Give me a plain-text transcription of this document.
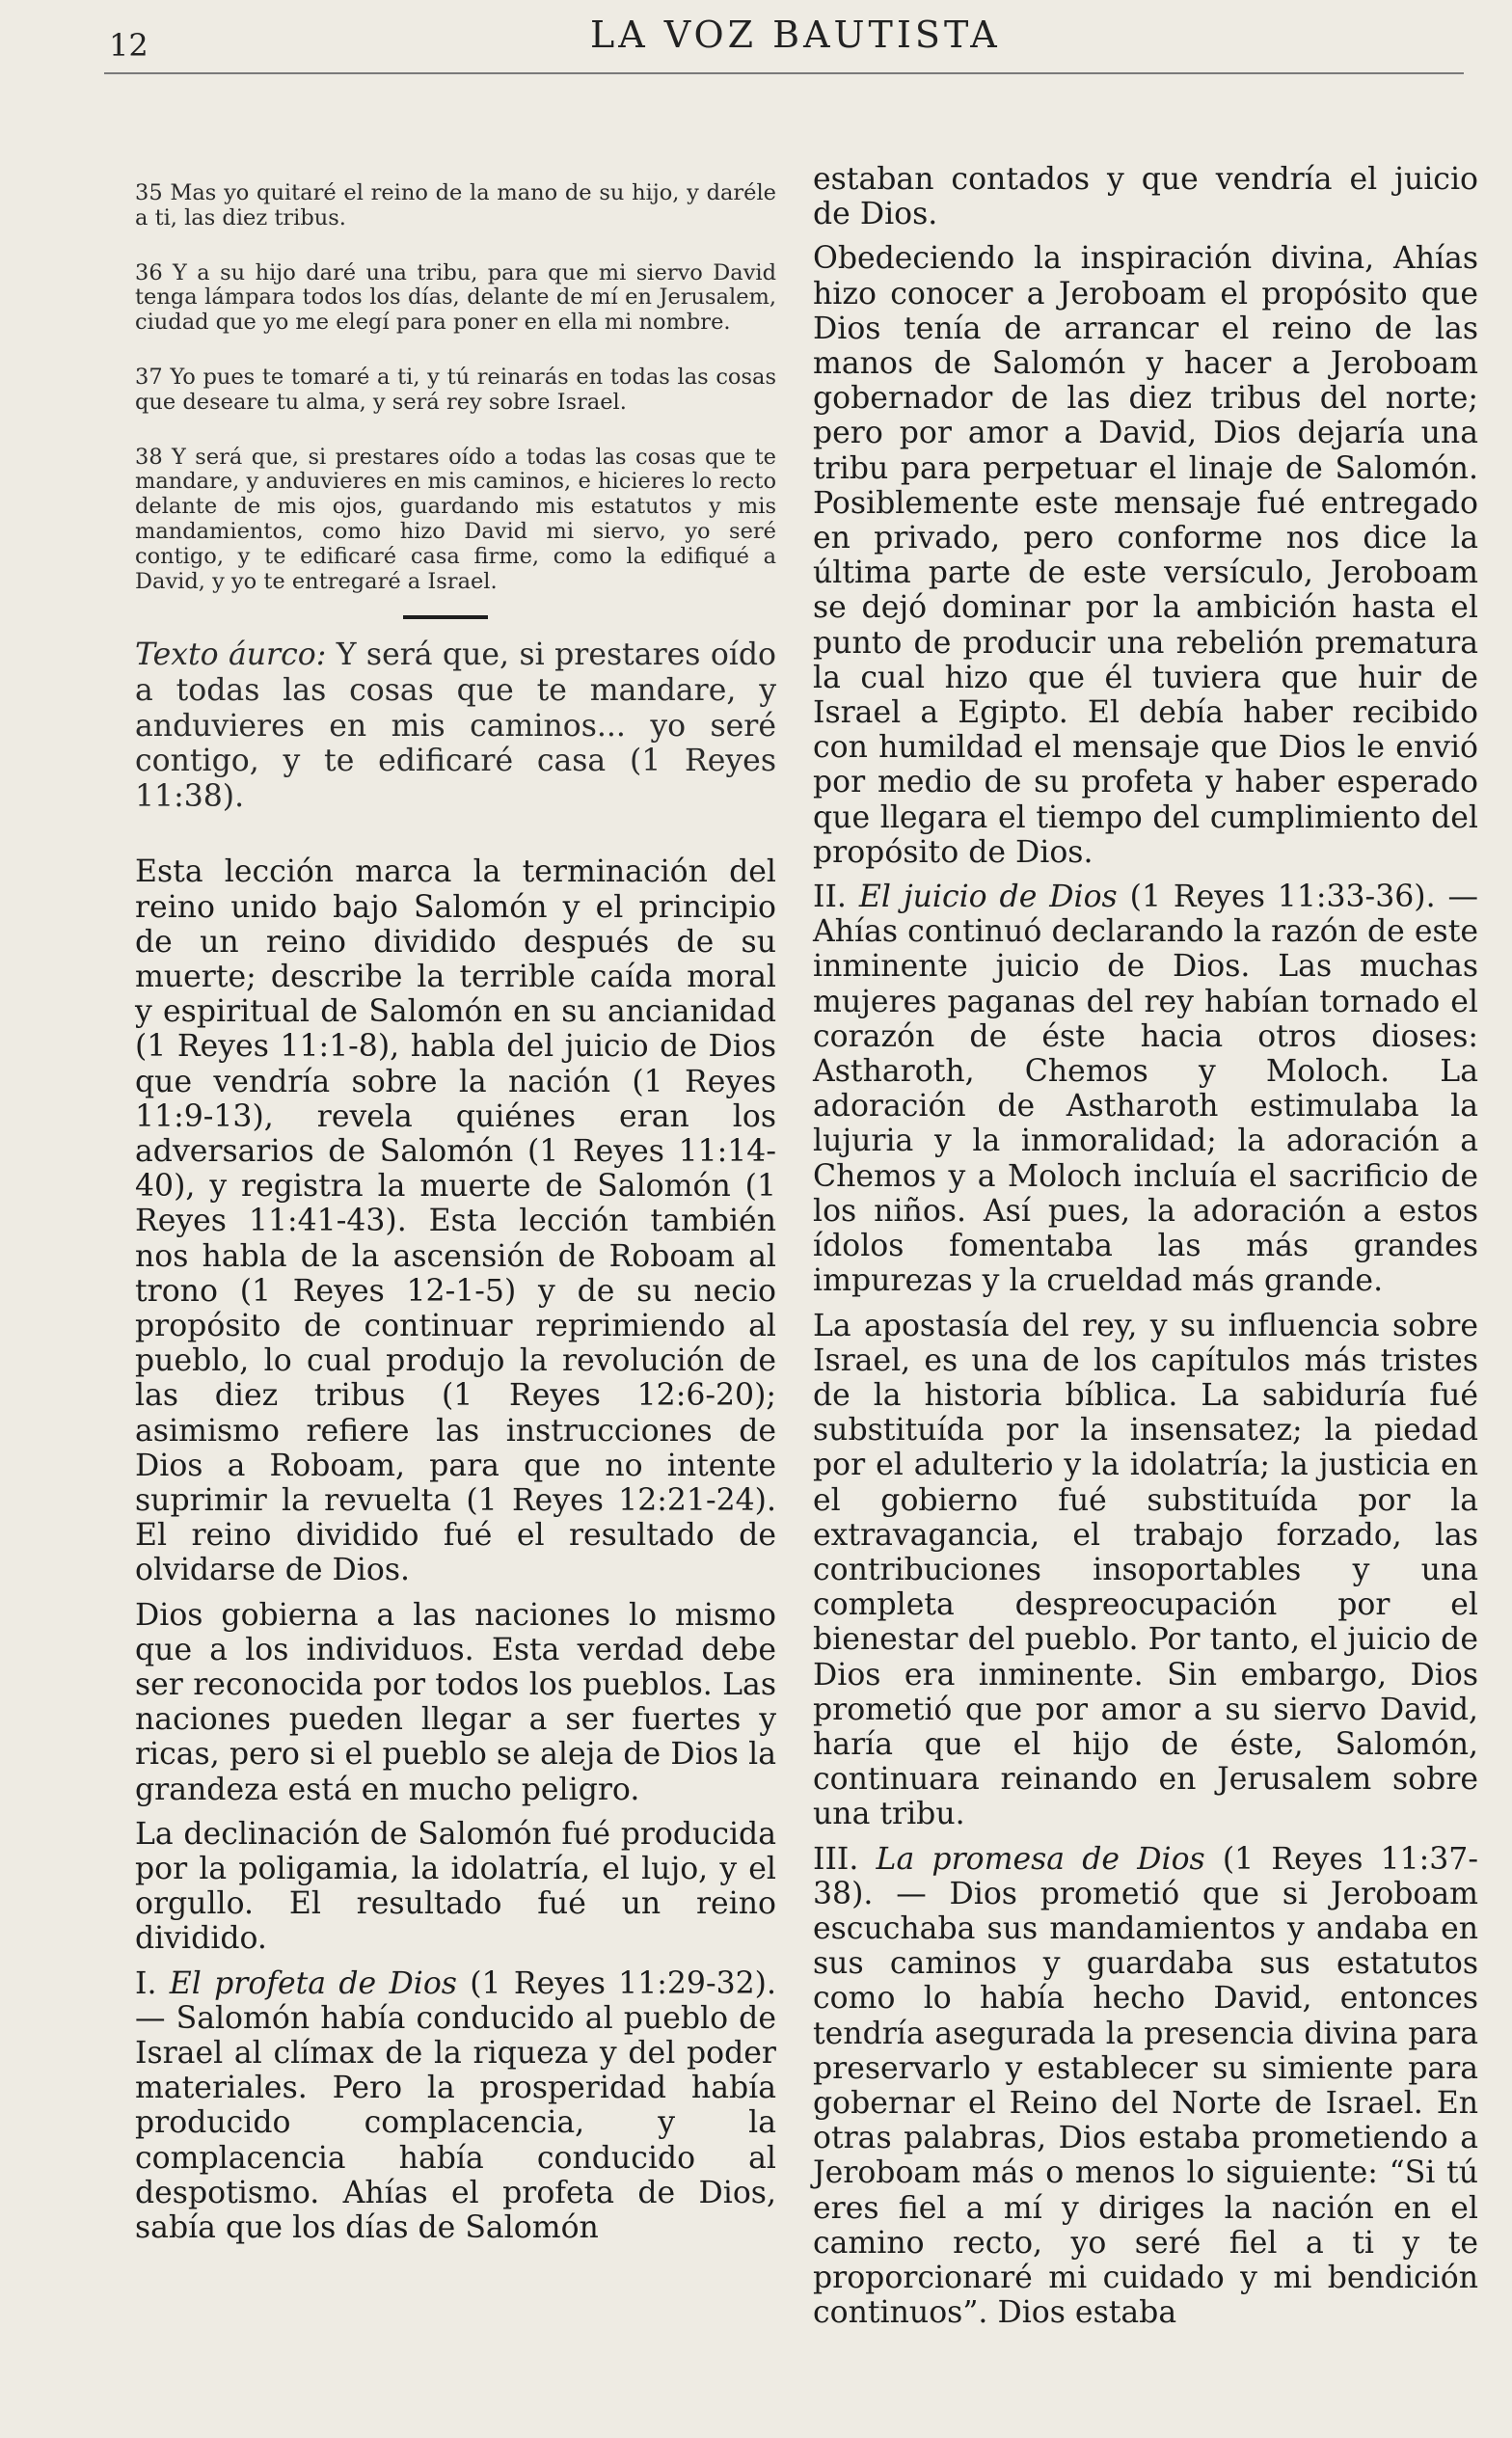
12	LA VOZ BAUTISTA

35 Mas yo quitaré el reino de la mano de su hijo, y daréle a ti, las diez tribus.

36 Y a su hijo daré una tribu, para que mi siervo David tenga lámpara todos los días, delante de mí en Jerusalem, ciudad que yo me elegí para poner en ella mi nombre.

37 Yo pues te tomaré a ti, y tú reinarás en todas las cosas que deseare tu alma, y será rey sobre Israel.

38 Y será que, si prestares oído a todas las cosas que te mandare, y anduvieres en mis caminos, e hicieres lo recto delante de mis ojos, guardando mis estatutos y mis mandamientos, como hizo David mi siervo, yo seré contigo, y te edificaré casa firme, como la edifiqué a David, y yo te entregaré a Israel.

Texto áurco: Y será que, si prestares oído a todas las cosas que te mandare, y anduvieres en mis caminos... yo seré contigo, y te edificaré casa (1 Reyes 11:38).

Esta lección marca la terminación del reino unido bajo Salomón y el principio de un reino dividido después de su muerte; describe la terrible caída moral y espiritual de Salomón en su ancianidad (1 Reyes 11:1-8), habla del juicio de Dios que vendría sobre la nación (1 Reyes 11:9-13), revela quiénes eran los adversarios de Salomón (1 Reyes 11:14-40), y registra la muerte de Salomón (1 Reyes 11:41-43). Esta lección también nos habla de la ascensión de Roboam al trono (1 Reyes 12-1-5) y de su necio propósito de continuar reprimiendo al pueblo, lo cual produjo la revolución de las diez tribus (1 Reyes 12:6-20); asimismo refiere las instrucciones de Dios a Roboam, para que no intente suprimir la revuelta (1 Reyes 12:21-24). El reino dividido fué el resultado de olvidarse de Dios.

Dios gobierna a las naciones lo mismo que a los individuos. Esta verdad debe ser reconocida por todos los pueblos. Las naciones pueden llegar a ser fuertes y ricas, pero si el pueblo se aleja de Dios la grandeza está en mucho peligro.

La declinación de Salomón fué producida por la poligamia, la idolatría, el lujo, y el orgullo. El resultado fué un reino dividido.

I. El profeta de Dios (1 Reyes 11:29-32). — Salomón había conducido al pueblo de Israel al clímax de la riqueza y del poder materiales. Pero la prosperidad había producido complacencia, y la complacencia había conducido al despotismo. Ahías el profeta de Dios, sabía que los días de Salomón

estaban contados y que vendría el juicio de Dios.

Obedeciendo la inspiración divina, Ahías hizo conocer a Jeroboam el propósito que Dios tenía de arrancar el reino de las manos de Salomón y hacer a Jeroboam gobernador de las diez tribus del norte; pero por amor a David, Dios dejaría una tribu para perpetuar el linaje de Salomón. Posiblemente este mensaje fué entregado en privado, pero conforme nos dice la última parte de este versículo, Jeroboam se dejó dominar por la ambición hasta el punto de producir una rebelión prematura la cual hizo que él tuviera que huir de Israel a Egipto. El debía haber recibido con humildad el mensaje que Dios le envió por medio de su profeta y haber esperado que llegara el tiempo del cumplimiento del propósito de Dios.

II. El juicio de Dios (1 Reyes 11:33-36). — Ahías continuó declarando la razón de este inminente juicio de Dios. Las muchas mujeres paganas del rey habían tornado el corazón de éste hacia otros dioses: Astharoth, Chemos y Moloch. La adoración de Astharoth estimulaba la lujuria y la inmoralidad; la adoración a Chemos y a Moloch incluía el sacrificio de los niños. Así pues, la adoración a estos ídolos fomentaba las más grandes impurezas y la crueldad más grande.

La apostasía del rey, y su influencia sobre Israel, es una de los capítulos más tristes de la historia bíblica. La sabiduría fué substituída por la insensatez; la piedad por el adulterio y la idolatría; la justicia en el gobierno fué substituída por la extravagancia, el trabajo forzado, las contribuciones insoportables y una completa despreocupación por el bienestar del pueblo. Por tanto, el juicio de Dios era inminente. Sin embargo, Dios prometió que por amor a su siervo David, haría que el hijo de éste, Salomón, continuara reinando en Jerusalem sobre una tribu.

III. La promesa de Dios (1 Reyes 11:37-38). — Dios prometió que si Jeroboam escuchaba sus mandamientos y andaba en sus caminos y guardaba sus estatutos como lo había hecho David, entonces tendría asegurada la presencia divina para preservarlo y establecer su simiente para gobernar el Reino del Norte de Israel. En otras palabras, Dios estaba prometiendo a Jeroboam más o menos lo siguiente: “Si tú eres fiel a mí y diriges la nación en el camino recto, yo seré fiel a ti y te proporcionaré mi cuidado y mi bendición continuos”. Dios estaba
